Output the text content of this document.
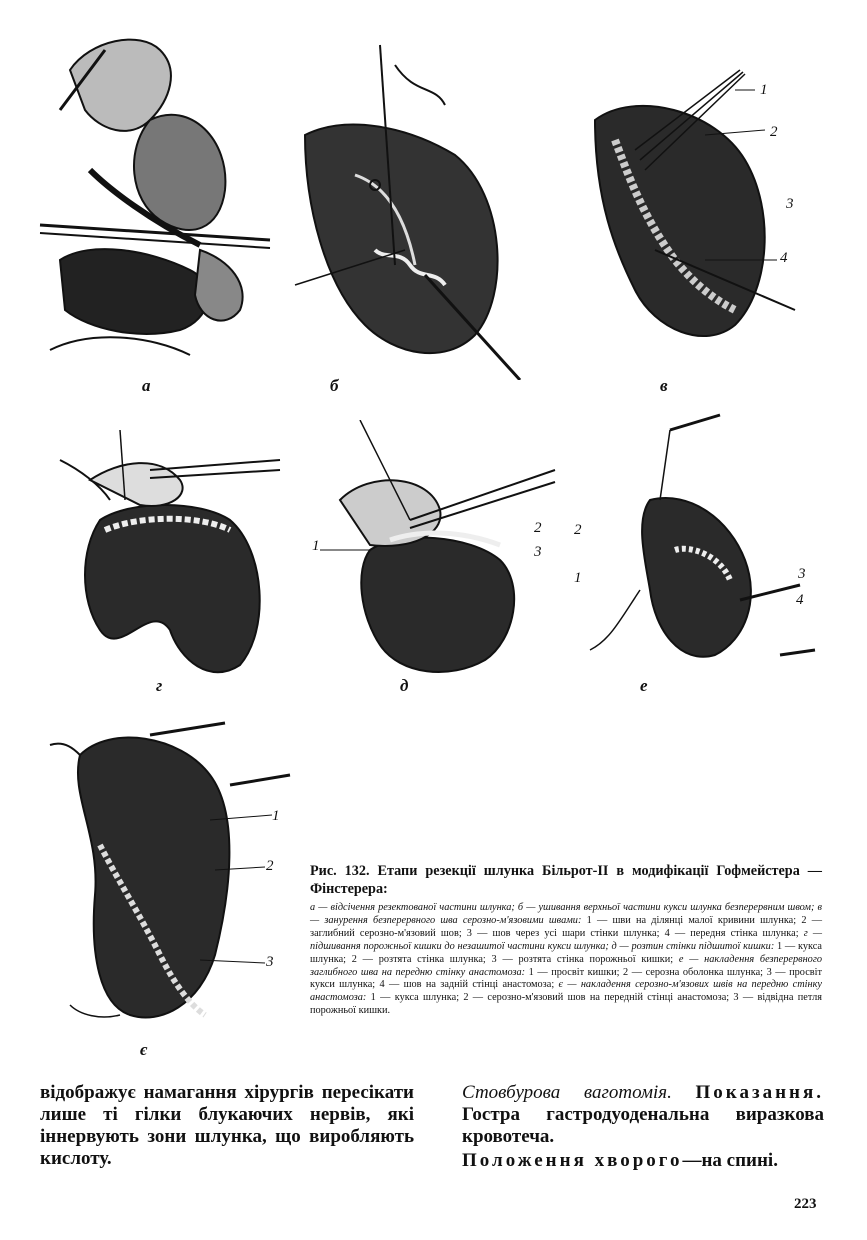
а	б
1
2
3
4
в
г
1
2
3
д
2
1	3
4
е
1
2
3
є

Рис. 132. Етапи резекції шлунка Більрот-ІІ в модифікації Гофмейстера — Фінстерера:

а — відсічення резектованої частини шлунка; б — ушивання верхньої частини кукси шлунка безперервним швом; в — занурення безперервного шва серозно-м'язовими швами: 1 — шви на ділянці малої кривини шлунка; 2 — заглибний серозно-м'язовий шов; 3 — шов через усі шари стінки шлунка; 4 — передня стінка шлунка; г — підшивання порожньої кишки до незашитої частини кукси шлунка; д — розтин стінки підшитої кишки: 1 — кукса шлунка; 2 — розтята стінка шлунка; 3 — розтята стінка порожньої кишки; е — накладення безперервного заглибного шва на передню стінку анастомоза: 1 — просвіт кишки; 2 — серозна оболонка шлунка; 3 — просвіт кукси шлунка; 4 — шов на задній стінці анастомоза; є — накладення серозно-м'язових швів на передню стінку анастомоза: 1 — кукса шлунка; 2 — серозно-м'язовий шов на передній стінці анастомоза; 3 — відвідна петля порожньої кишки.

відображує намагання хірургів пересікати лише ті гілки блукаючих нервів, які іннервують зони шлунка, що виробляють кислоту.
Стовбурова ваготомія. Показання. Гостра гастродуоденальна виразкова кровотеча.
Положення хворого—на спині.
223
